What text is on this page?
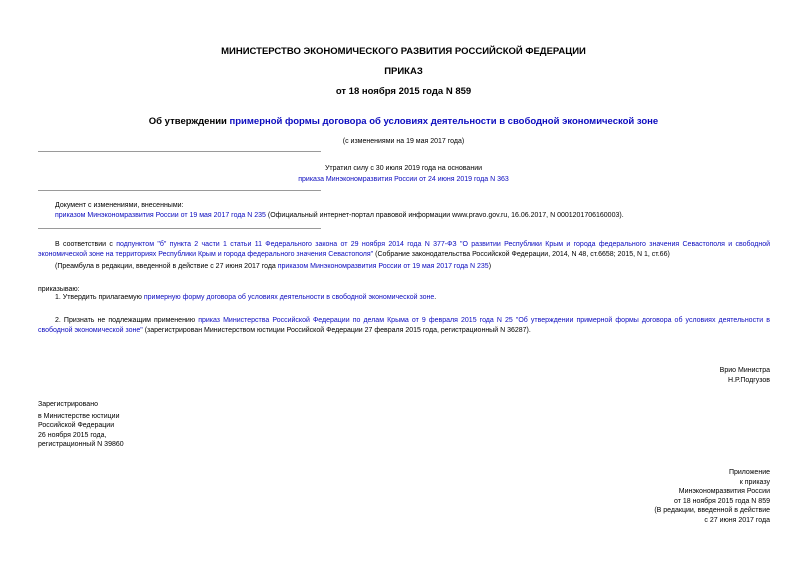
МИНИСТЕРСТВО ЭКОНОМИЧЕСКОГО РАЗВИТИЯ РОССИЙСКОЙ ФЕДЕРАЦИИ
ПРИКАЗ
от 18 ноября 2015 года N 859
Об утверждении примерной формы договора об условиях деятельности в свободной экономической зоне
(с изменениями на 19 мая 2017 года)
Утратил силу с 30 июля 2019 года на основании
приказа Минэкономразвития России от 24 июня 2019 года N 363
Документ с изменениями, внесенными:
приказом Минэкономразвития России от 19 мая 2017 года N 235 (Официальный интернет-портал правовой информации www.pravo.gov.ru, 16.06.2017, N 0001201706160003).
В соответствии с подпунктом "б" пункта 2 части 1 статьи 11 Федерального закона от 29 ноября 2014 года N 377-ФЗ "О развитии Республики Крым и города федерального значения Севастополя и свободной экономической зоне на территориях Республики Крым и города федерального значения Севастополя" (Собрание законодательства Российской Федерации, 2014, N 48, ст.6658; 2015, N 1, ст.66)
(Преамбула в редакции, введенной в действие с 27 июня 2017 года приказом Минэкономразвития России от 19 мая 2017 года N 235)
приказываю:
1. Утвердить прилагаемую примерную форму договора об условиях деятельности в свободной экономической зоне.
2. Признать не подлежащим применению приказ Министерства Российской Федерации по делам Крыма от 9 февраля 2015 года N 25 "Об утверждении примерной формы договора об условиях деятельности в свободной экономической зоне" (зарегистрирован Министерством юстиции Российской Федерации 27 февраля 2015 года, регистрационный N 36287).
Врио Министра
Н.Р.Подгузов
Зарегистрировано
в Министерстве юстиции
Российской Федерации
26 ноября 2015 года,
регистрационный N 39860
Приложение
к приказу
Минэкономразвития России
от 18 ноября 2015 года N 859
(В редакции, введенной в действие
с 27 июня 2017 года
